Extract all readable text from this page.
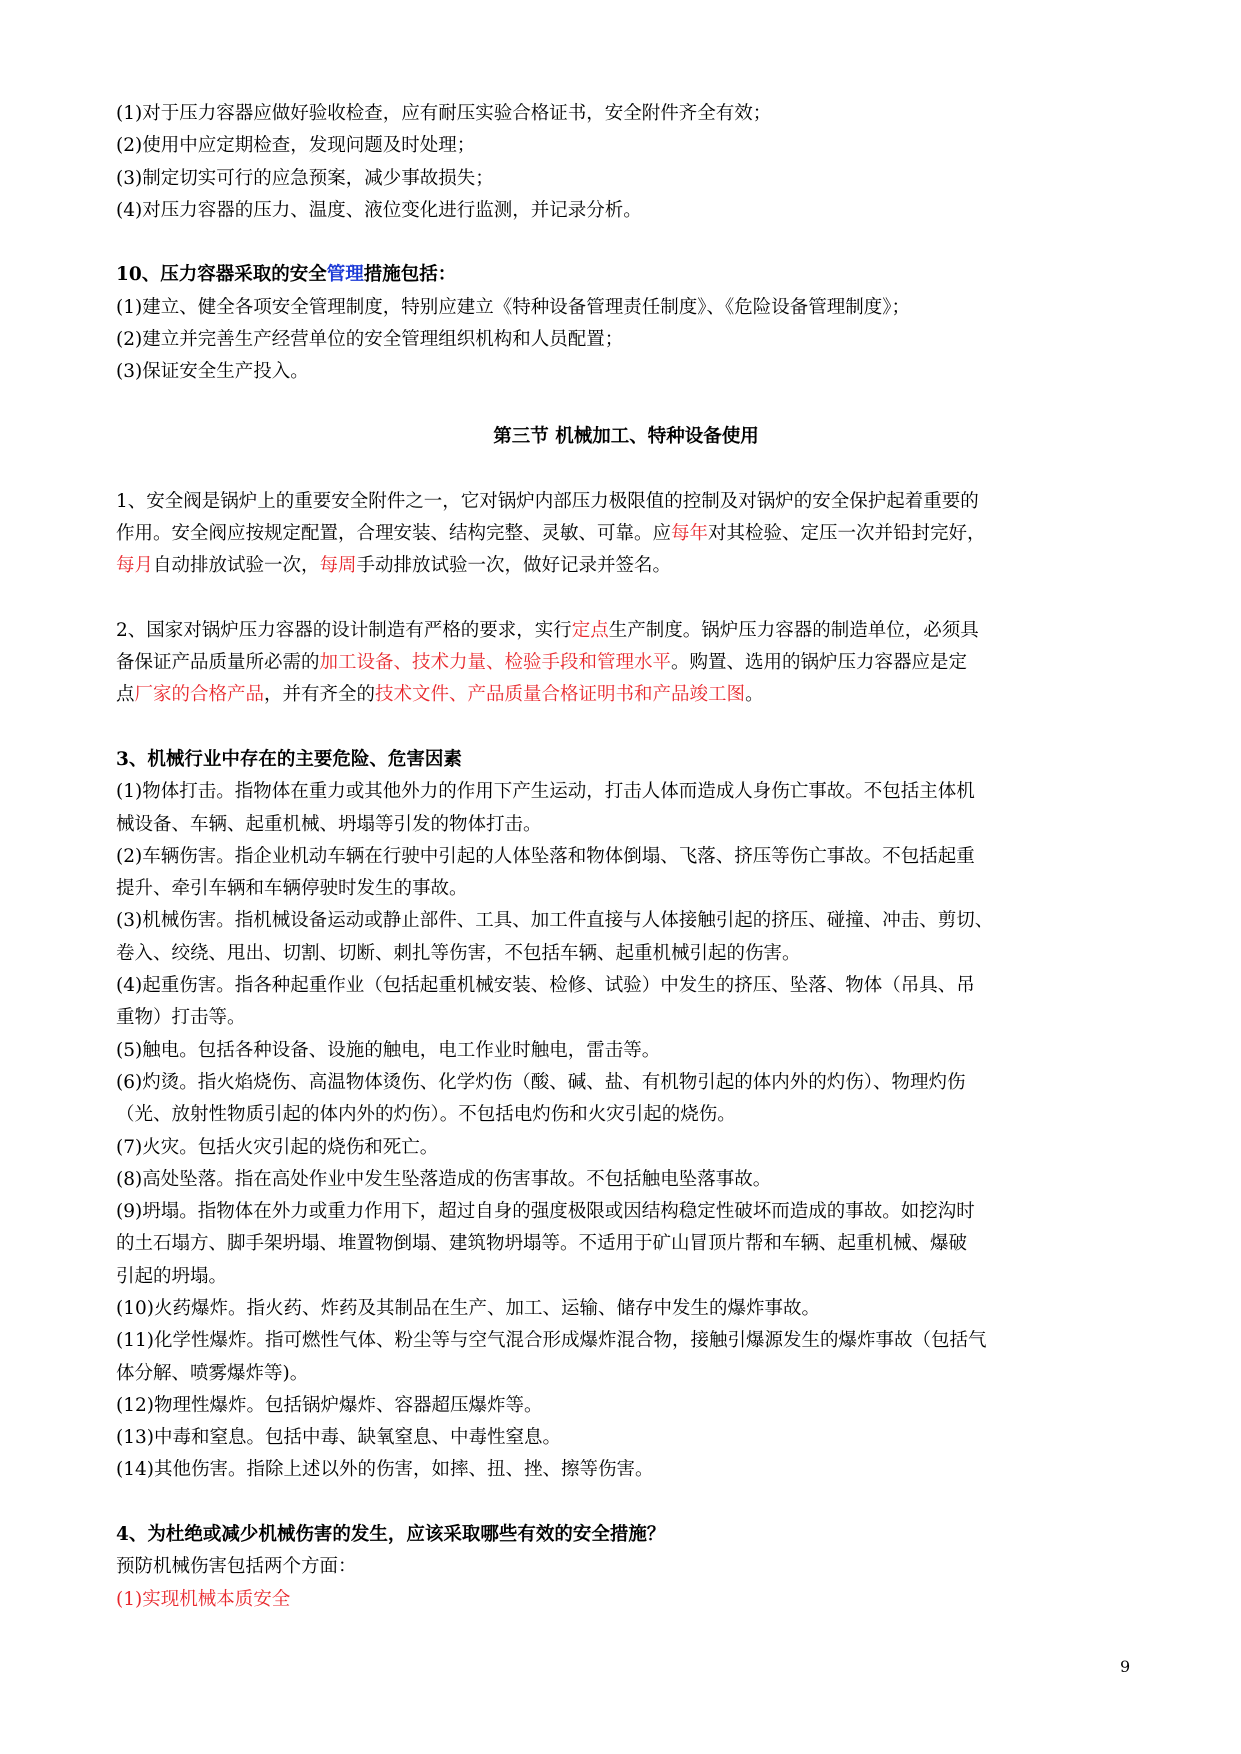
(1)对于压力容器应做好验收检查，应有耐压实验合格证书，安全附件齐全有效；
(2)使用中应定期检查，发现问题及时处理；
(3)制定切实可行的应急预案，减少事故损失；
(4)对压力容器的压力、温度、液位变化进行监测，并记录分析。
10、压力容器采取的安全管理措施包括：
(1)建立、健全各项安全管理制度，特别应建立《特种设备管理责任制度》、《危险设备管理制度》；
(2)建立并完善生产经营单位的安全管理组织机构和人员配置；
(3)保证安全生产投入。
第三节 机械加工、特种设备使用
1、安全阀是锅炉上的重要安全附件之一，它对锅炉内部压力极限值的控制及对锅炉的安全保护起着重要的
作用。安全阀应按规定配置，合理安装、结构完整、灵敏、可靠。应每年对其检验、定压一次并铅封完好，
每月自动排放试验一次，每周手动排放试验一次，做好记录并签名。
2、国家对锅炉压力容器的设计制造有严格的要求，实行定点生产制度。锅炉压力容器的制造单位，必须具
备保证产品质量所必需的加工设备、技术力量、检验手段和管理水平。购置、选用的锅炉压力容器应是定
点厂家的合格产品，并有齐全的技术文件、产品质量合格证明书和产品竣工图。
3、机械行业中存在的主要危险、危害因素
(1)物体打击。指物体在重力或其他外力的作用下产生运动，打击人体而造成人身伤亡事故。不包括主体机
械设备、车辆、起重机械、坍塌等引发的物体打击。
(2)车辆伤害。指企业机动车辆在行驶中引起的人体坠落和物体倒塌、飞落、挤压等伤亡事故。不包括起重
提升、牵引车辆和车辆停驶时发生的事故。
(3)机械伤害。指机械设备运动或静止部件、工具、加工件直接与人体接触引起的挤压、碰撞、冲击、剪切、
卷入、绞绕、甩出、切割、切断、刺扎等伤害，不包括车辆、起重机械引起的伤害。
(4)起重伤害。指各种起重作业（包括起重机械安装、检修、试验）中发生的挤压、坠落、物体（吊具、吊
重物）打击等。
(5)触电。包括各种设备、设施的触电，电工作业时触电，雷击等。
(6)灼烫。指火焰烧伤、高温物体烫伤、化学灼伤（酸、碱、盐、有机物引起的体内外的灼伤）、物理灼伤
（光、放射性物质引起的体内外的灼伤）。不包括电灼伤和火灾引起的烧伤。
(7)火灾。包括火灾引起的烧伤和死亡。
(8)高处坠落。指在高处作业中发生坠落造成的伤害事故。不包括触电坠落事故。
(9)坍塌。指物体在外力或重力作用下，超过自身的强度极限或因结构稳定性破坏而造成的事故。如挖沟时
的土石塌方、脚手架坍塌、堆置物倒塌、建筑物坍塌等。不适用于矿山冒顶片帮和车辆、起重机械、爆破
引起的坍塌。
(10)火药爆炸。指火药、炸药及其制品在生产、加工、运输、储存中发生的爆炸事故。
(11)化学性爆炸。指可燃性气体、粉尘等与空气混合形成爆炸混合物，接触引爆源发生的爆炸事故（包括气
体分解、喷雾爆炸等)。
(12)物理性爆炸。包括锅炉爆炸、容器超压爆炸等。
(13)中毒和窒息。包括中毒、缺氧窒息、中毒性窒息。
(14)其他伤害。指除上述以外的伤害，如摔、扭、挫、擦等伤害。
4、为杜绝或减少机械伤害的发生，应该采取哪些有效的安全措施？
预防机械伤害包括两个方面：
(1)实现机械本质安全
9
